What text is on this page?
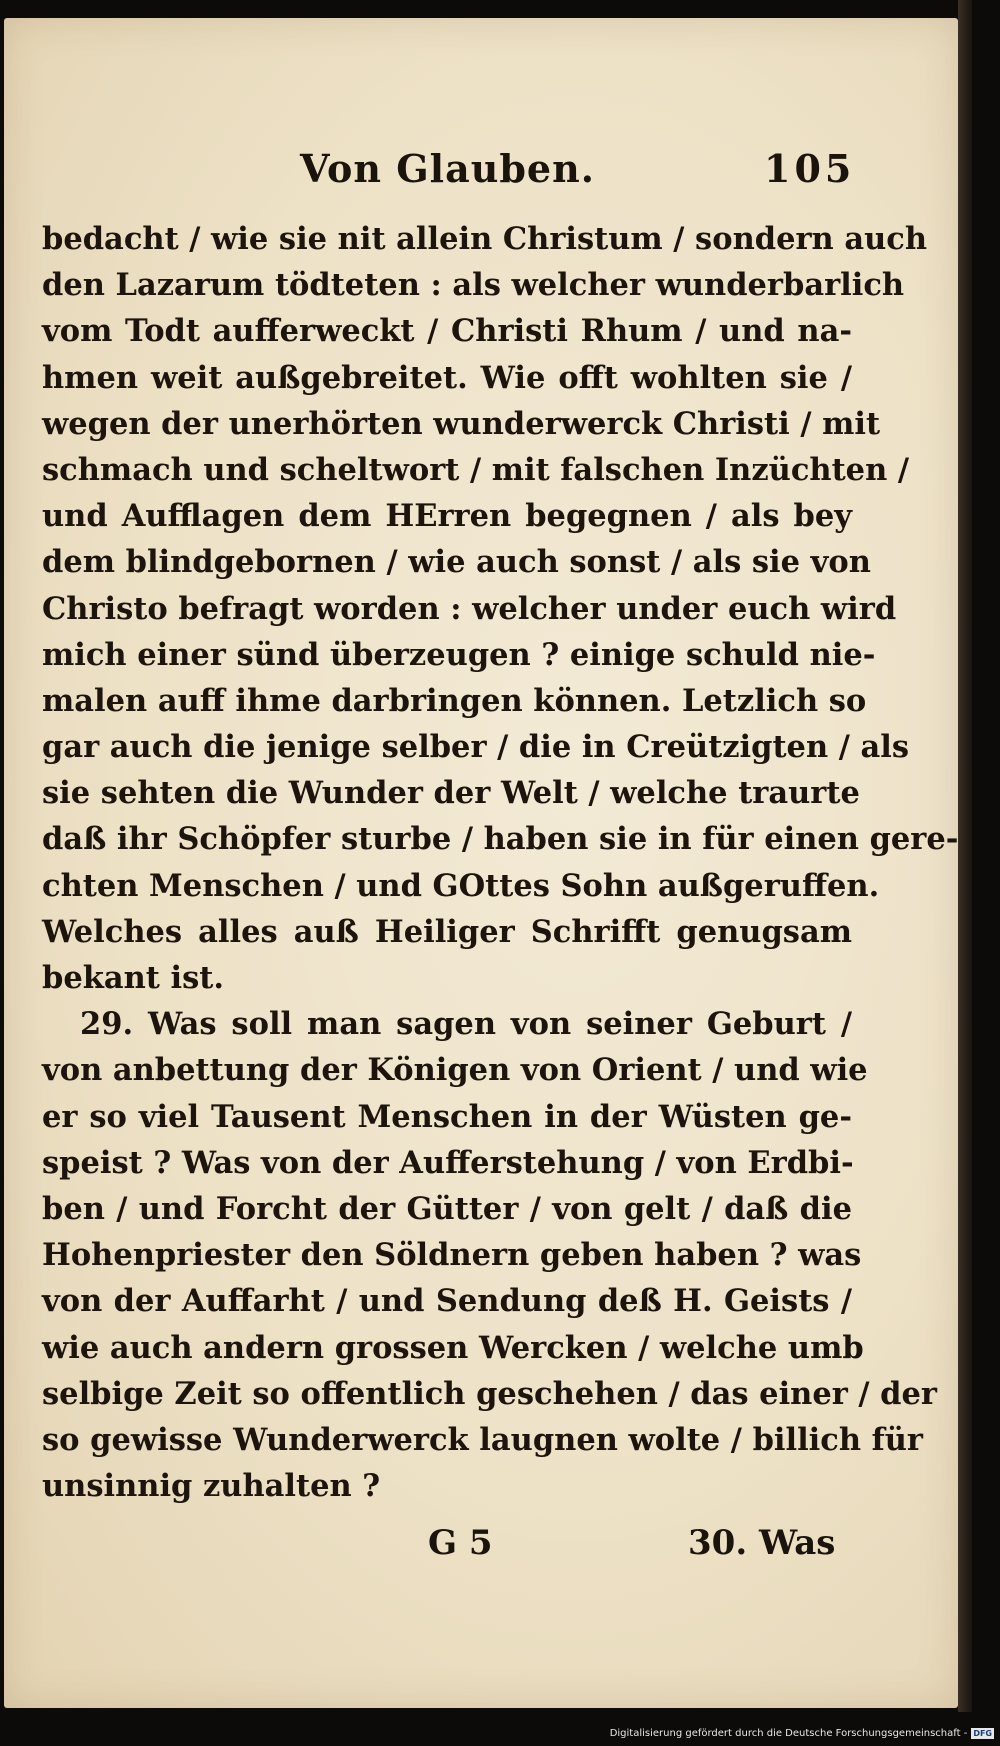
Von Glauben.	105
bedacht / wie sie nit allein Christum / sondern auch
den Lazarum tödteten : als welcher wunderbarlich
vom Todt aufferweckt / Christi Rhum / und na-
hmen weit außgebreitet. Wie offt wohlten sie /
wegen der unerhörten wunderwerck Christi / mit
schmach und scheltwort / mit falschen Inzüchten /
und Aufflagen dem HErren begegnen / als bey
dem blindgebornen / wie auch sonst / als sie von
Christo befragt worden : welcher under euch wird
mich einer sünd überzeugen ? einige schuld nie-
malen auff ihme darbringen können. Letzlich so
gar auch die jenige selber / die in Creützigten / als
sie sehten die Wunder der Welt / welche traurte
daß ihr Schöpfer sturbe / haben sie in für einen gere-
chten Menschen / und GOttes Sohn außgeruffen.
Welches alles auß Heiliger Schrifft genugsam
bekant ist.
29. Was soll man sagen von seiner Geburt /
von anbettung der Königen von Orient / und wie
er so viel Tausent Menschen in der Wüsten ge-
speist ? Was von der Aufferstehung / von Erdbi-
ben / und Forcht der Gütter / von gelt / daß die
Hohenpriester den Söldnern geben haben ? was
von der Auffarht / und Sendung deß H. Geists /
wie auch andern grossen Wercken / welche umb
selbige Zeit so offentlich geschehen / das einer / der
so gewisse Wunderwerck laugnen wolte / billich für
unsinnig zuhalten ?
G 5	30. Was
Digitalisierung gefördert durch die Deutsche Forschungsgemeinschaft - DFG
